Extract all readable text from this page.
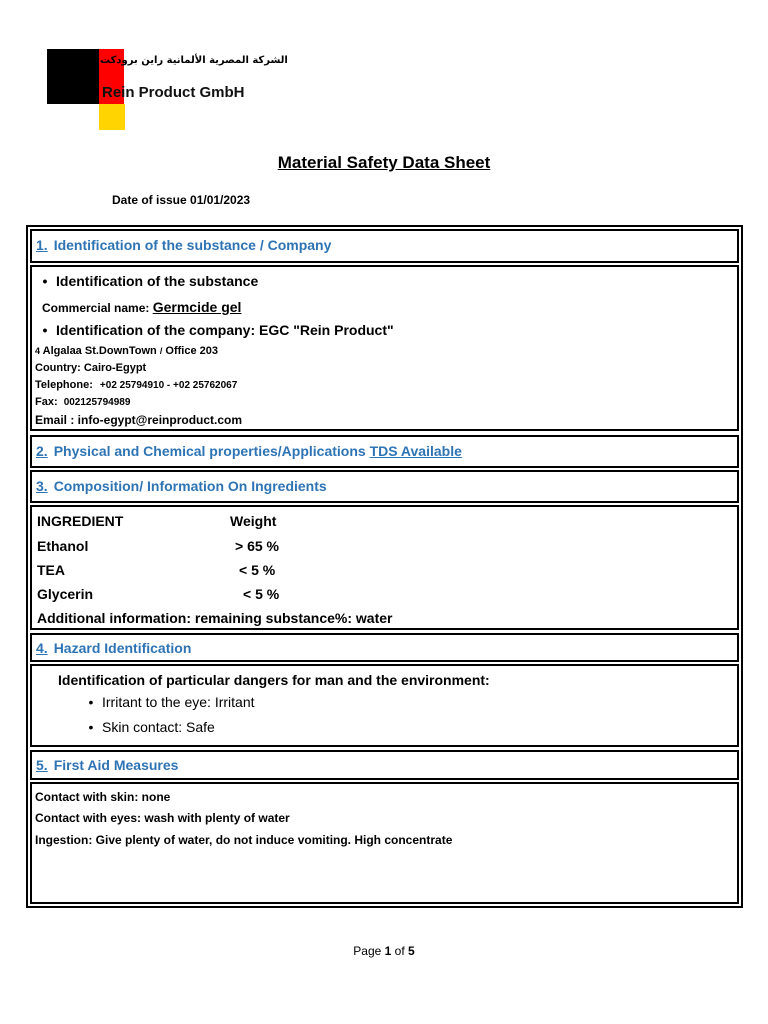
الشركة المصرية الألمانية راين برودكت
Rein Product GmbH
Material Safety Data Sheet
Date of issue 01/01/2023
1. Identification of the substance / Company
• Identification of the substance
Commercial name: Germcide gel
• Identification of the company: EGC "Rein Product"
4 Algalaa St.DownTown / Office 203
Country: Cairo-Egypt
Telephone: +02 25794910 - +02 25762067
Fax: 002125794989
Email : info-egypt@reinproduct.com
2. Physical and Chemical properties/Applications TDS Available
3. Composition/ Information On Ingredients
INGREDIENT	Weight
Ethanol	> 65 %
TEA	< 5 %
Glycerin	< 5 %
Additional information: remaining substance%: water
4. Hazard Identification
Identification of particular dangers for man and the environment:
• Irritant to the eye: Irritant
• Skin contact: Safe
5. First Aid Measures
Contact with skin: none
Contact with eyes: wash with plenty of water
Ingestion: Give plenty of water, do not induce vomiting. High concentrate
Page 1 of 5
